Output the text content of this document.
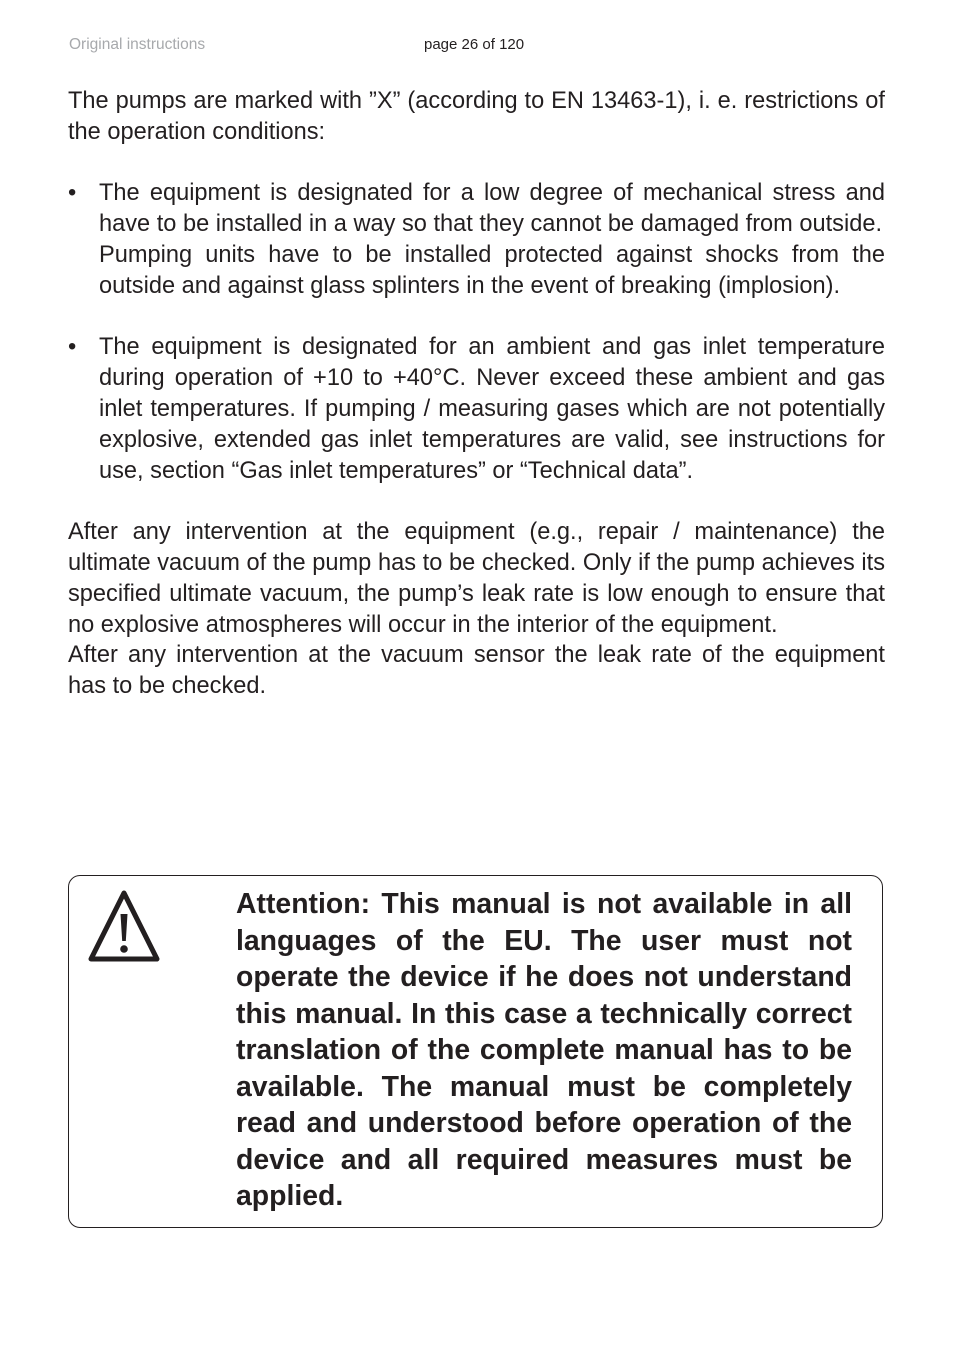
Original instructions	page 26 of 120

The pumps are marked with ”X” (according to EN 13463-1), i. e. restrictions of the operation conditions:

• The equipment is designated for a low degree of mechanical stress and have to be installed in a way so that they cannot be damaged from outside.

Pumping units have to be installed protected against shocks from the outside and against glass splinters in the event of breaking (implosion).

• The equipment is designated for an ambient and gas inlet temperature during operation of +10 to +40°C. Never exceed these ambient and gas inlet temperatures. If pumping / measuring gases which are not potentially explosive, extended gas inlet temperatures are valid, see instructions for use, section “Gas inlet temperatures” or “Technical data”.

After any intervention at the equipment (e.g., repair / maintenance) the ultimate vacuum of the pump has to be checked. Only if the pump achieves its specified ultimate vacuum, the pump’s leak rate is low enough to ensure that no explosive atmospheres will occur in the interior of the equipment.

After any intervention at the vacuum sensor the leak rate of the equipment has to be checked.

Attention: This manual is not available in all languages of the EU. The user must not operate the device if he does not understand this manual. In this case a technically correct translation of the complete manual has to be available. The manual must be completely read and understood before operation of the device and all required measures must be applied.
